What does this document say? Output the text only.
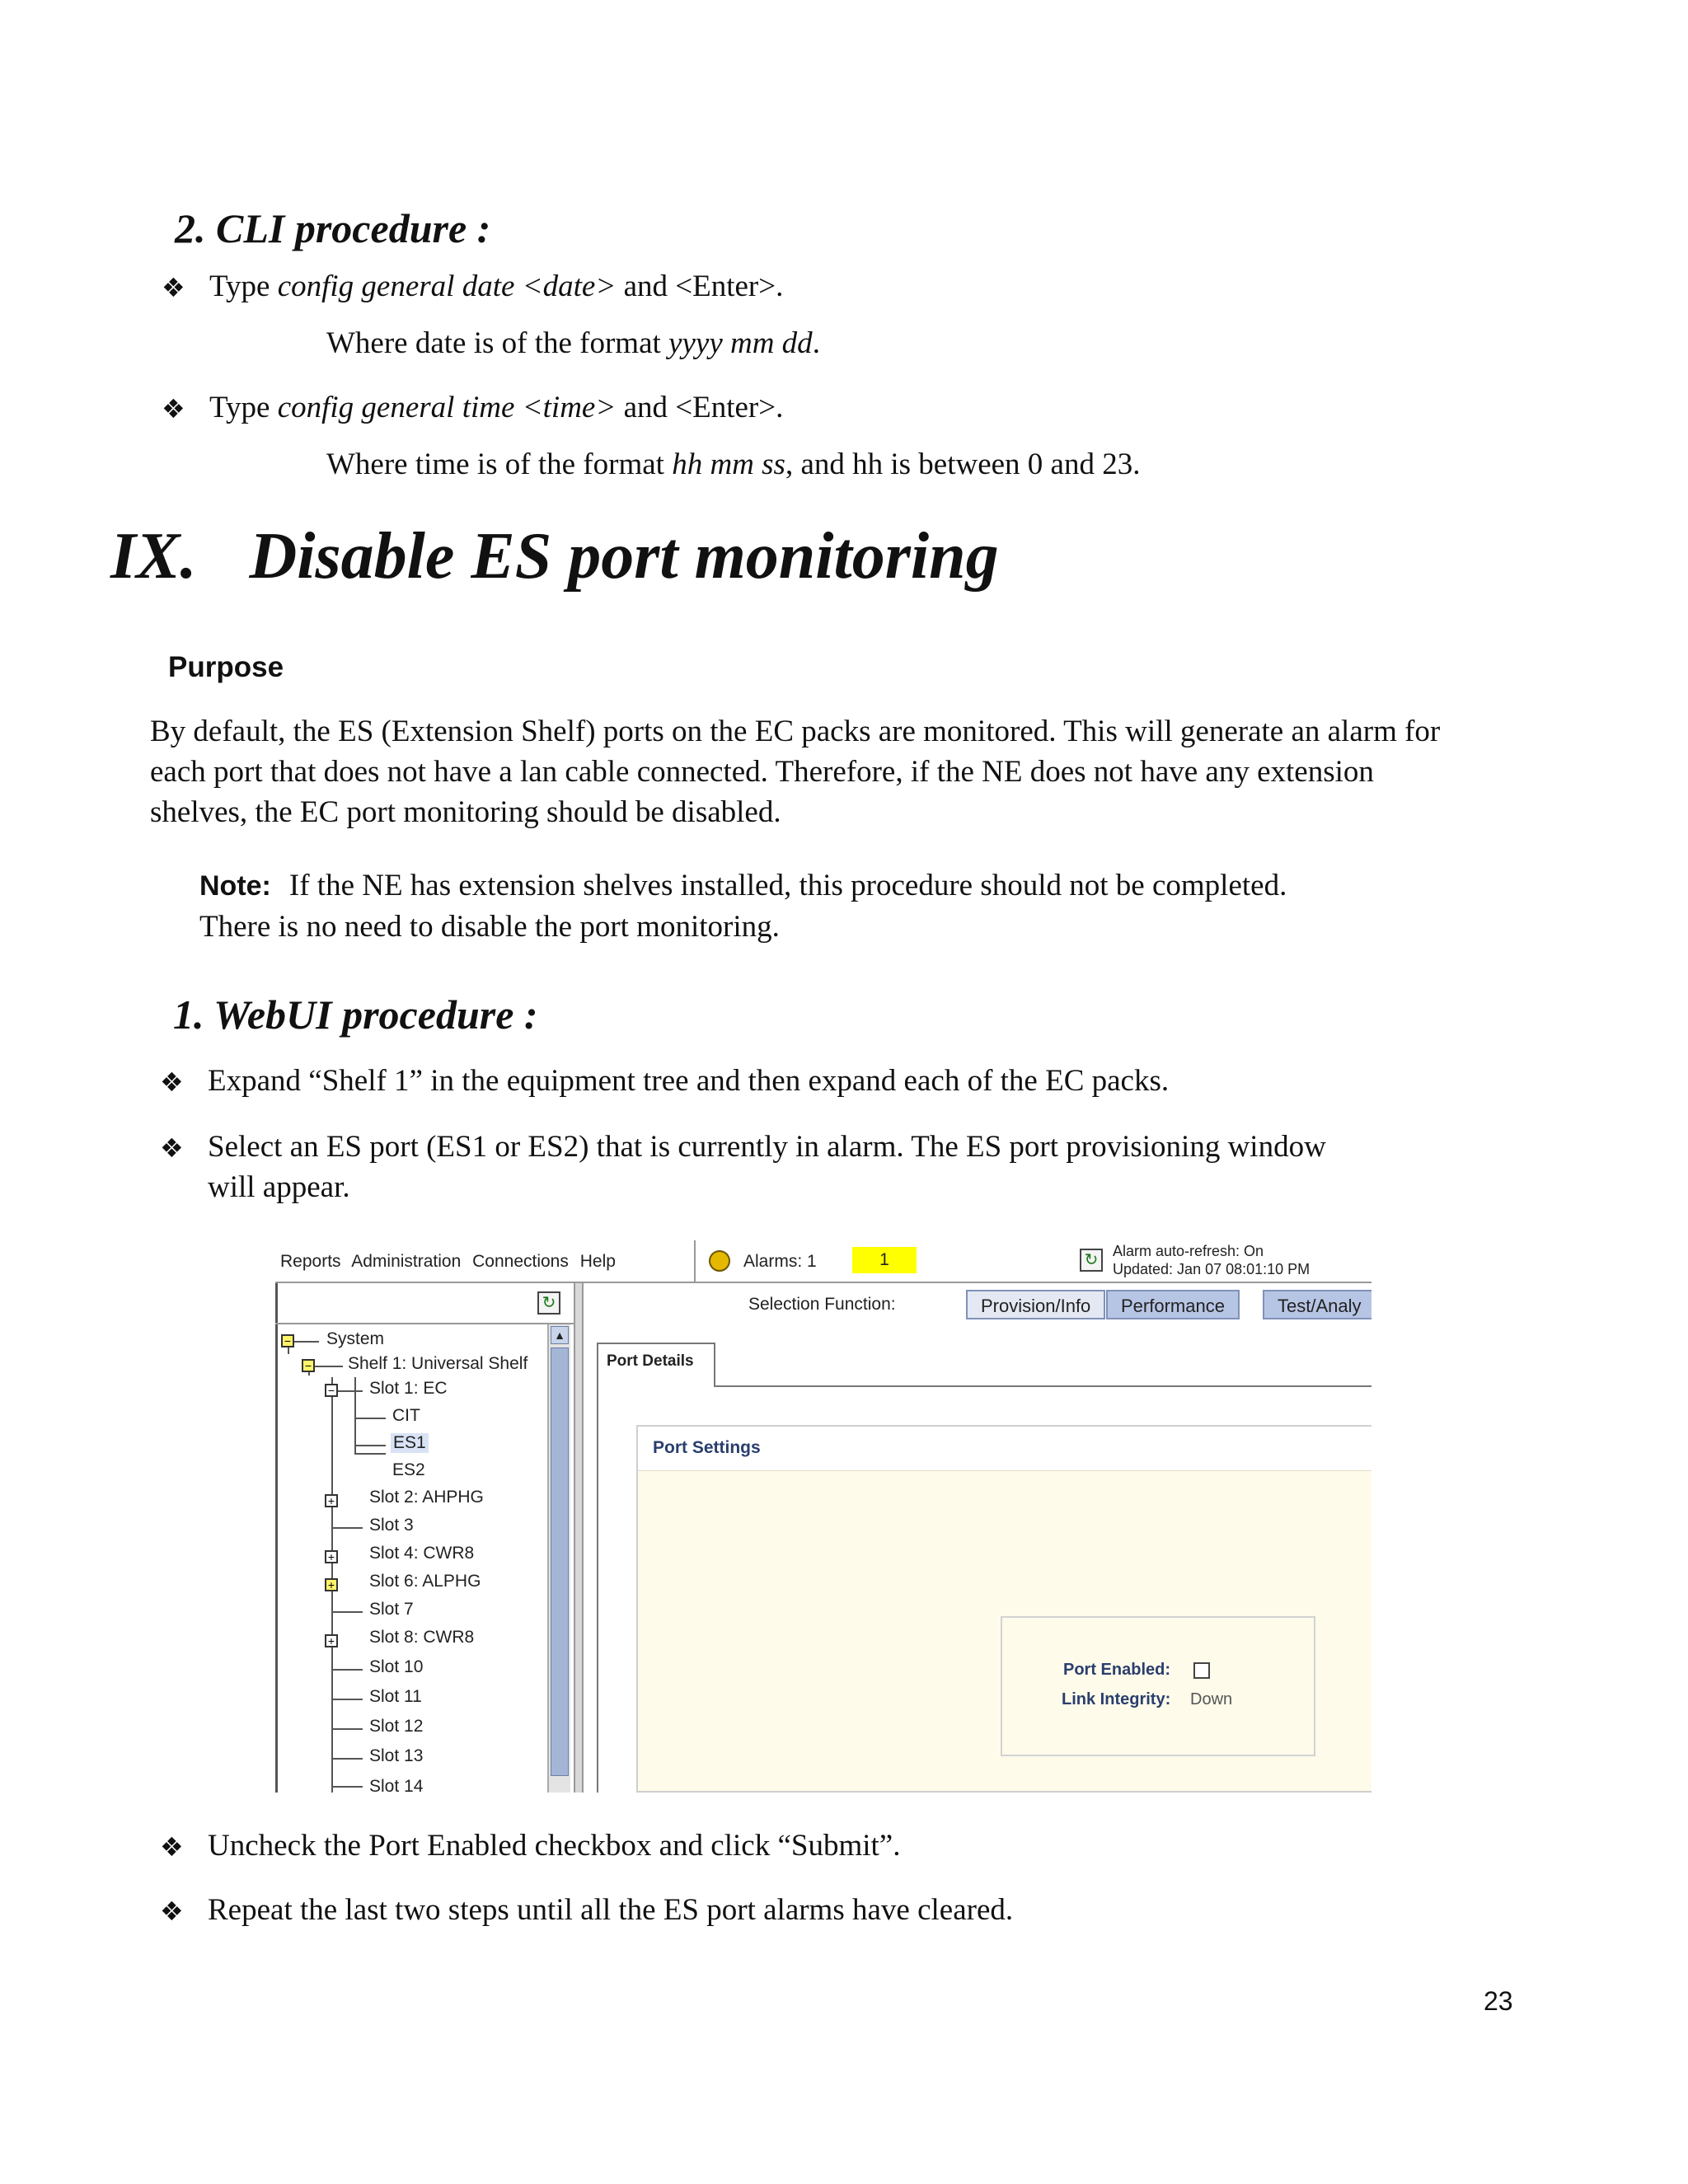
2. CLI procedure :
❖ Type config general date <date> and <Enter>.
Where date is of the format yyyy mm dd.
❖ Type config general time <time> and <Enter>.
Where time is of the format hh mm ss, and hh is between 0 and 23.
IX. Disable ES port monitoring
Purpose
By default, the ES (Extension Shelf) ports on the EC packs are monitored. This will generate an alarm for
each port that does not have a lan cable connected. Therefore, if the NE does not have any extension
shelves, the EC port monitoring should be disabled.
Note: If the NE has extension shelves installed, this procedure should not be completed.
There is no need to disable the port monitoring.
1. WebUI procedure :
❖ Expand “Shelf 1” in the equipment tree and then expand each of the EC packs.
❖ Select an ES port (ES1 or ES2) that is currently in alarm. The ES port provisioning window
will appear.
Reports Administration Connections Help	Alarms: 1	1	↻ Alarm auto-refresh: On
Updated: Jan 07 08:01:10 PM
↻
− System
− Shelf 1: Universal Shelf
− Slot 1: EC
CIT
ES1
ES2
+ Slot 2: AHPHG
Slot 3
+ Slot 4: CWR8
+ Slot 6: ALPHG
Slot 7
+ Slot 8: CWR8
Slot 10
Slot 11
Slot 12
Slot 13
Slot 14
▲
Selection Function:	Provision/Info	Performance	Test/Analy
Port Details
Port Settings
Port Enabled:
Link Integrity: Down
❖ Uncheck the Port Enabled checkbox and click “Submit”.
❖ Repeat the last two steps until all the ES port alarms have cleared.
23
